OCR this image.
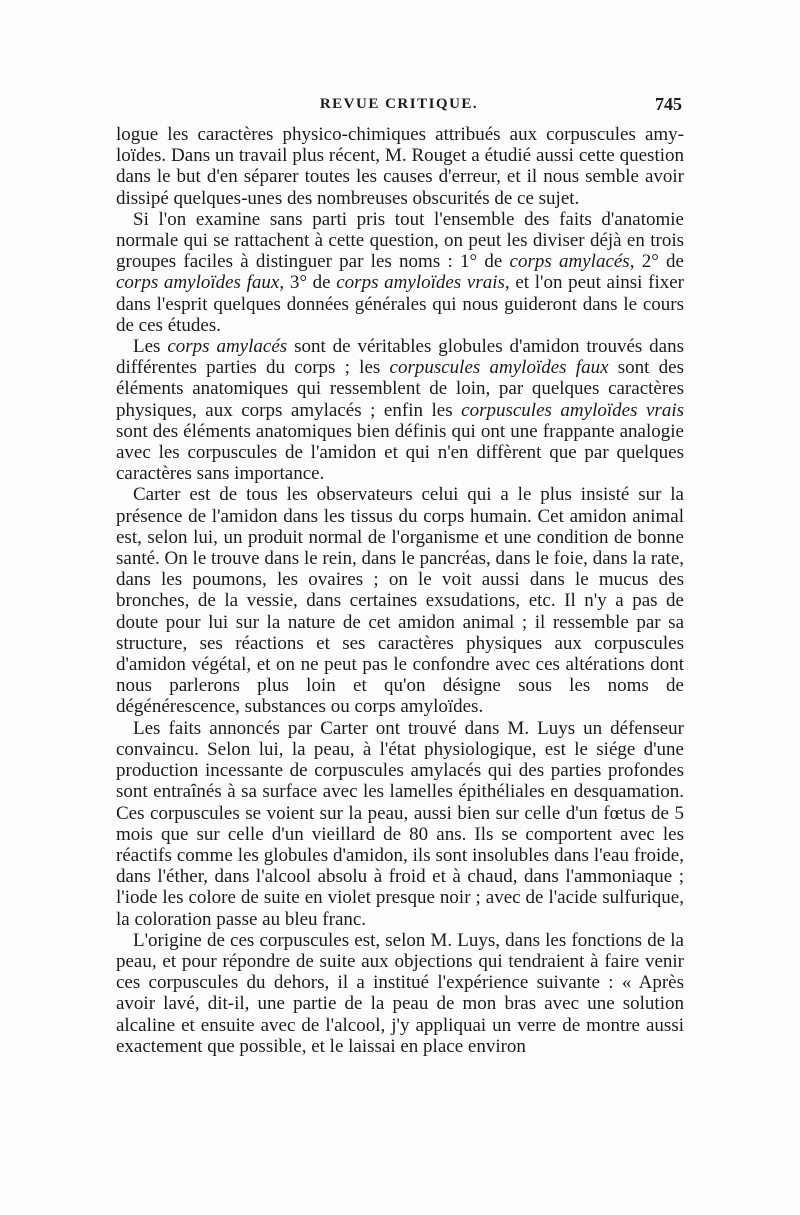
REVUE CRITIQUE.	745

logue les caractères physico-chimiques attribués aux corpuscules amy-loïdes. Dans un travail plus récent, M. Rouget a étudié aussi cette question dans le but d'en séparer toutes les causes d'erreur, et il nous semble avoir dissipé quelques-unes des nombreuses obscurités de ce sujet.

Si l'on examine sans parti pris tout l'ensemble des faits d'anatomie normale qui se rattachent à cette question, on peut les diviser déjà en trois groupes faciles à distinguer par les noms : 1° de corps amylacés, 2° de corps amyloïdes faux, 3° de corps amyloïdes vrais, et l'on peut ainsi fixer dans l'esprit quelques données générales qui nous guideront dans le cours de ces études.

Les corps amylacés sont de véritables globules d'amidon trouvés dans différentes parties du corps ; les corpuscules amyloïdes faux sont des éléments anatomiques qui ressemblent de loin, par quelques caractères physiques, aux corps amylacés ; enfin les corpuscules amyloïdes vrais sont des éléments anatomiques bien définis qui ont une frappante analogie avec les corpuscules de l'amidon et qui n'en diffèrent que par quelques caractères sans importance.

Carter est de tous les observateurs celui qui a le plus insisté sur la présence de l'amidon dans les tissus du corps humain. Cet amidon animal est, selon lui, un produit normal de l'organisme et une condition de bonne santé. On le trouve dans le rein, dans le pancréas, dans le foie, dans la rate, dans les poumons, les ovaires ; on le voit aussi dans le mucus des bronches, de la vessie, dans certaines exsudations, etc. Il n'y a pas de doute pour lui sur la nature de cet amidon animal ; il ressemble par sa structure, ses réactions et ses caractères physiques aux corpuscules d'amidon végétal, et on ne peut pas le confondre avec ces altérations dont nous parlerons plus loin et qu'on désigne sous les noms de dégénérescence, substances ou corps amyloïdes.

Les faits annoncés par Carter ont trouvé dans M. Luys un défenseur convaincu. Selon lui, la peau, à l'état physiologique, est le siége d'une production incessante de corpuscules amylacés qui des parties profondes sont entraînés à sa surface avec les lamelles épithéliales en desquamation. Ces corpuscules se voient sur la peau, aussi bien sur celle d'un fœtus de 5 mois que sur celle d'un vieillard de 80 ans. Ils se comportent avec les réactifs comme les globules d'amidon, ils sont insolubles dans l'eau froide, dans l'éther, dans l'alcool absolu à froid et à chaud, dans l'ammoniaque ; l'iode les colore de suite en violet presque noir ; avec de l'acide sulfurique, la coloration passe au bleu franc.

L'origine de ces corpuscules est, selon M. Luys, dans les fonctions de la peau, et pour répondre de suite aux objections qui tendraient à faire venir ces corpuscules du dehors, il a institué l'expérience suivante : « Après avoir lavé, dit-il, une partie de la peau de mon bras avec une solution alcaline et ensuite avec de l'alcool, j'y appliquai un verre de montre aussi exactement que possible, et le laissai en place environ
